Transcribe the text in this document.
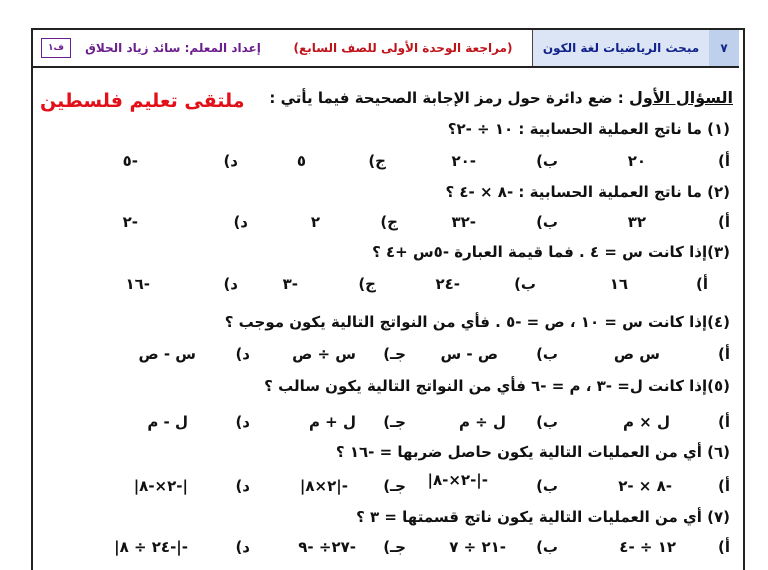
٧
مبحث الرياضيات لغة الكون
(مراجعة الوحدة الأولى للصف السابع)
إعداد المعلم: سائد زياد الحلاق
ف١
السؤال الأول : ضع دائرة حول رمز الإجابة الصحيحة فيما يأتي :
ملتقى تعليم فلسطين
(١) ما ناتج العملية الحسابية : ١٠ ÷ -٢؟
أ)
٢٠
ب)
-٢٠
ج)
٥
د)
-٥
(٢) ما ناتج العملية الحسابية : -٨ × -٤ ؟
أ)
٣٢
ب)
-٣٢
ج)
٢
د)
-٢
(٣)إذا كانت س = ٤ . فما قيمة العبارة -٥س +٤ ؟
أ)
١٦
ب)
-٢٤
ج)
-٣
د)
-١٦
(٤)إذا كانت س = ١٠ ، ص = -٥ . فأي من النواتج التالية يكون موجب ؟
أ)
س ص
ب)
ص - س
جـ)
س ÷ ص
د)
س - ص
(٥)إذا كانت ل= -٣ ، م = -٦ فأي من النواتج التالية يكون سالب ؟
أ)
ل × م
ب)
ل ÷ م
جـ)
ل + م
د)
ل - م
(٦) أي من العمليات التالية يكون حاصل ضربها = -١٦ ؟
أ)
-٨ × -٢
ب)
-|-٢×-٨|
جـ)
-|٢×٨|
د)
|-٢×-٨|
(٧) أي من العمليات التالية يكون ناتج قسمتها = ٣ ؟
أ)
١٢ ÷ -٤
ب)
-٢١ ÷ ٧
جـ)
-٢٧÷ -٩
د)
-|-٢٤ ÷ ٨|
